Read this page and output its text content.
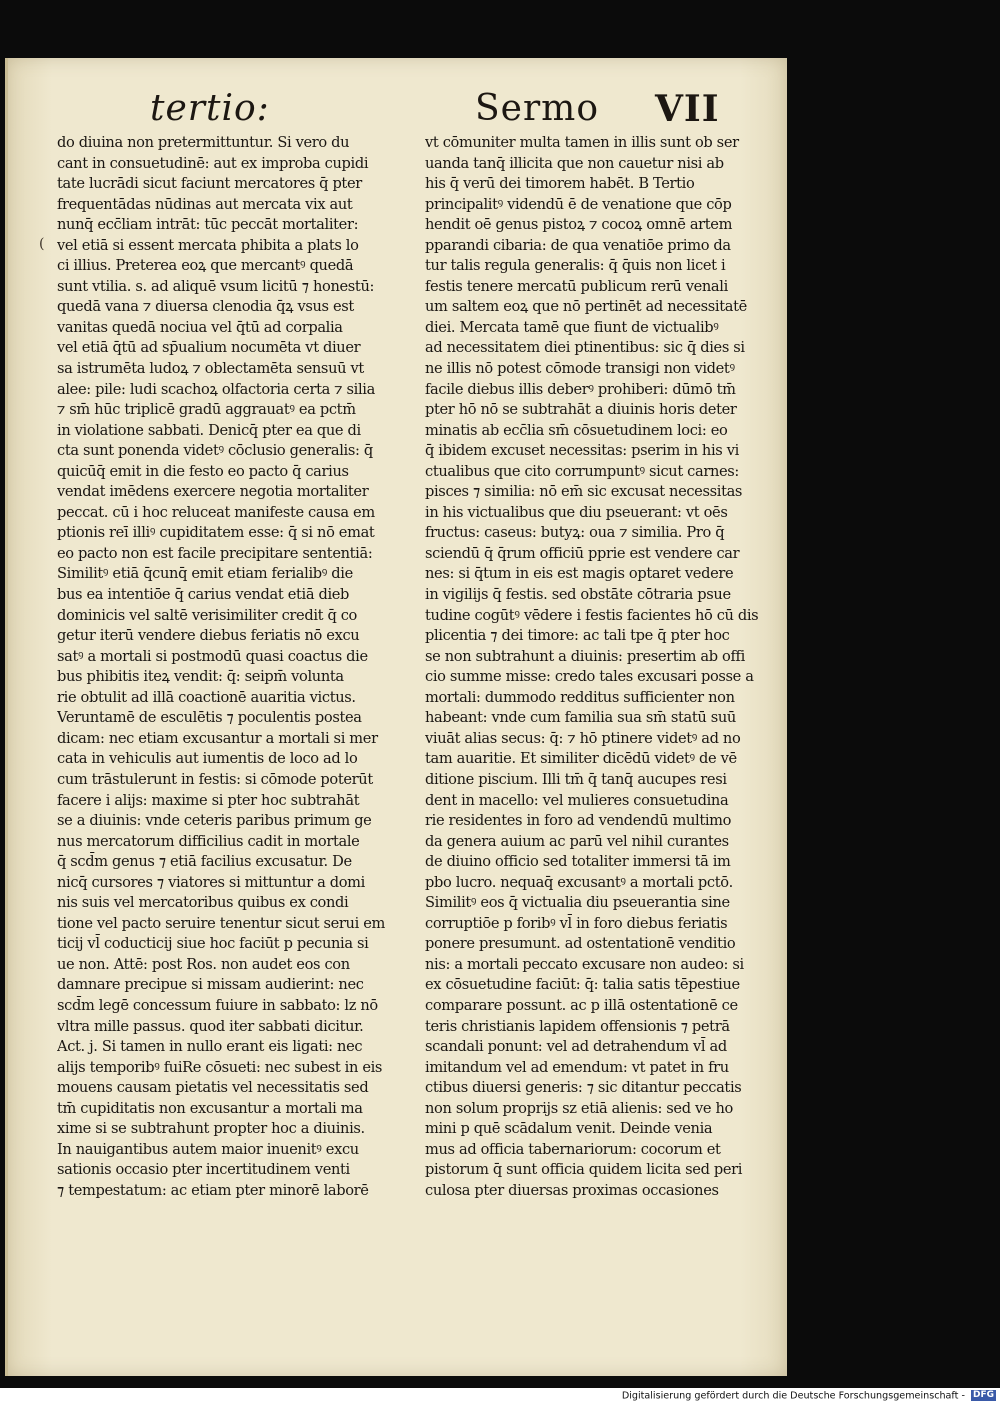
tertio:	Sermo VII
(
do diuina non pretermittuntur. Si vero du
cant in consuetudinē: aut ex improba cupidi
tate lucrādi sicut faciunt mercatores q̄ pter
frequentādas nūdinas aut mercata vix aut
nunq̄ ecc̄liam intrāt: tūc peccāt mortaliter:
vel etiā si essent mercata phibita a plats lo
ci illius. Preterea eoꝝ que mercantꝰ quedā
sunt vtilia. s. ad aliquē vsum licitū ⁊ honestū:
quedā vana ⁊ diuersa clenodia q̄ꝝ vsus est
vanitas quedā nociua vel q̄tū ad corpalia
vel etiā q̄tū ad sp̄ualium nocumēta vt diuer
sa istrumēta ludoꝝ ⁊ oblectamēta sensuū vt
alee: pile: ludi scachoꝝ olfactoria certa ⁊ silia
⁊ sm̄ hūc triplicē gradū aggrauatꝰ ea pctm̄
in violatione sabbati. Denicq̄ pter ea que di
cta sunt ponenda videtꝰ cōclusio generalis: q̄
quicūq̄ emit in die festo eo pacto q̄ carius
vendat imēdens exercere negotia mortaliter
peccat. cū i hoc reluceat manifeste causa em
ptionis reī illiꝰ cupiditatem esse: q̄ si nō emat
eo pacto non est facile precipitare sententiā:
Similitꝰ etiā q̄cunq̄ emit etiam ferialibꝰ die
bus ea intentiōe q̄ carius vendat etiā dieb
dominicis vel saltē verisimiliter credit q̄ co
getur iterū vendere diebus feriatis nō excu
satꝰ a mortali si postmodū quasi coactus die
bus phibitis iteꝝ vendit: q̄: seipm̄ volunta
rie obtulit ad illā coactionē auaritia victus.
Veruntamē de esculētis ⁊ poculentis postea
dicam: nec etiam excusantur a mortali si mer
cata in vehiculis aut iumentis de loco ad lo
cum trāstulerunt in festis: si cōmode poterūt
facere i alijs: maxime si pter hoc subtrahāt
se a diuinis: vnde ceteris paribus primum ge
nus mercatorum difficilius cadit in mortale
q̄ scd̄m genus ⁊ etiā facilius excusatur. De
nicq̄ cursores ⁊ viatores si mittuntur a domi
nis suis vel mercatoribus quibus ex condi
tione vel pacto seruire tenentur sicut serui em
ticij vl̄ coducticij siue hoc faciūt p pecunia si
ue non. Attē: post Ros. non audet eos con
damnare precipue si missam audierint: nec
scd̄m legē concessum fuiure in sabbato: lz nō
vltra mille passus. quod iter sabbati dicitur.
Act. j. Si tamen in nullo erant eis ligati: nec
alijs temporibꝰ fuiRe cōsueti: nec subest in eis
mouens causam pietatis vel necessitatis sed
tm̄ cupiditatis non excusantur a mortali ma
xime si se subtrahunt propter hoc a diuinis.
In nauigantibus autem maior inuenitꝰ excu
sationis occasio pter incertitudinem venti
⁊ tempestatum: ac etiam pter minorē laborē
vt cōmuniter multa tamen in illis sunt ob ser
uanda tanq̄ illicita que non cauetur nisi ab
his q̄ verū dei timorem habēt. B Tertio
principalitꝰ videndū ē de venatione que cōp
hendit oē genus pistoꝝ ⁊ cocoꝝ omnē artem
pparandi cibaria: de qua venatiōe primo da
tur talis regula generalis: q̄ q̄uis non licet i
festis tenere mercatū publicum rerū venali
um saltem eoꝝ que nō pertinēt ad necessitatē
diei. Mercata tamē que fiunt de victualibꝰ
ad necessitatem diei ptinentibus: sic q̄ dies si
ne illis nō potest cōmode transigi non videtꝰ
facile diebus illis deberꝰ prohiberi: dūmō tm̄
pter hō nō se subtrahāt a diuinis horis deter
minatis ab ecc̄lia sm̄ cōsuetudinem loci: eo
q̄ ibidem excuset necessitas: pserim in his vi
ctualibus que cito corrumpuntꝰ sicut carnes:
pisces ⁊ similia: nō em̄ sic excusat necessitas
in his victualibus que diu pseuerant: vt oēs
fructus: caseus: butyꝝ: oua ⁊ similia. Pro q̄
sciendū q̄ q̄rum officiū pprie est vendere car
nes: si q̄tum in eis est magis optaret vedere
in vigilijs q̄ festis. sed obstāte cōtraria psue
tudine cogūtꝰ vēdere i festis facientes hō cū dis
plicentia ⁊ dei timore: ac tali tpe q̄ pter hoc
se non subtrahunt a diuinis: presertim ab offi
cio summe misse: credo tales excusari posse a
mortali: dummodo redditus sufficienter non
habeant: vnde cum familia sua sm̄ statū suū
viuāt alias secus: q̄: ⁊ hō ptinere videtꝰ ad no
tam auaritie. Et similiter dicēdū videtꝰ de vē
ditione piscium. Illi tm̄ q̄ tanq̄ aucupes resi
dent in macello: vel mulieres consuetudina
rie residentes in foro ad vendendū multimo
da genera auium ac parū vel nihil curantes
de diuino officio sed totaliter immersi tā im
pbo lucro. nequaq̄ excusantꝰ a mortali pctō.
Similitꝰ eos q̄ victualia diu pseuerantia sine
corruptiōe p foribꝰ vl̄ in foro diebus feriatis
ponere presumunt. ad ostentationē venditio
nis: a mortali peccato excusare non audeo: si
ex cōsuetudine faciūt: q̄: talia satis tēpestiue
comparare possunt. ac p illā ostentationē ce
teris christianis lapidem offensionis ⁊ petrā
scandali ponunt: vel ad detrahendum vl̄ ad
imitandum vel ad emendum: vt patet in fru
ctibus diuersi generis: ⁊ sic ditantur peccatis
non solum proprijs sz etiā alienis: sed ve ho
mini p quē scādalum venit. Deinde venia
mus ad officia tabernariorum: cocorum et
pistorum q̄ sunt officia quidem licita sed peri
culosa pter diuersas proximas occasiones
Digitalisierung gefördert durch die Deutsche Forschungsgemeinschaft - DFG
